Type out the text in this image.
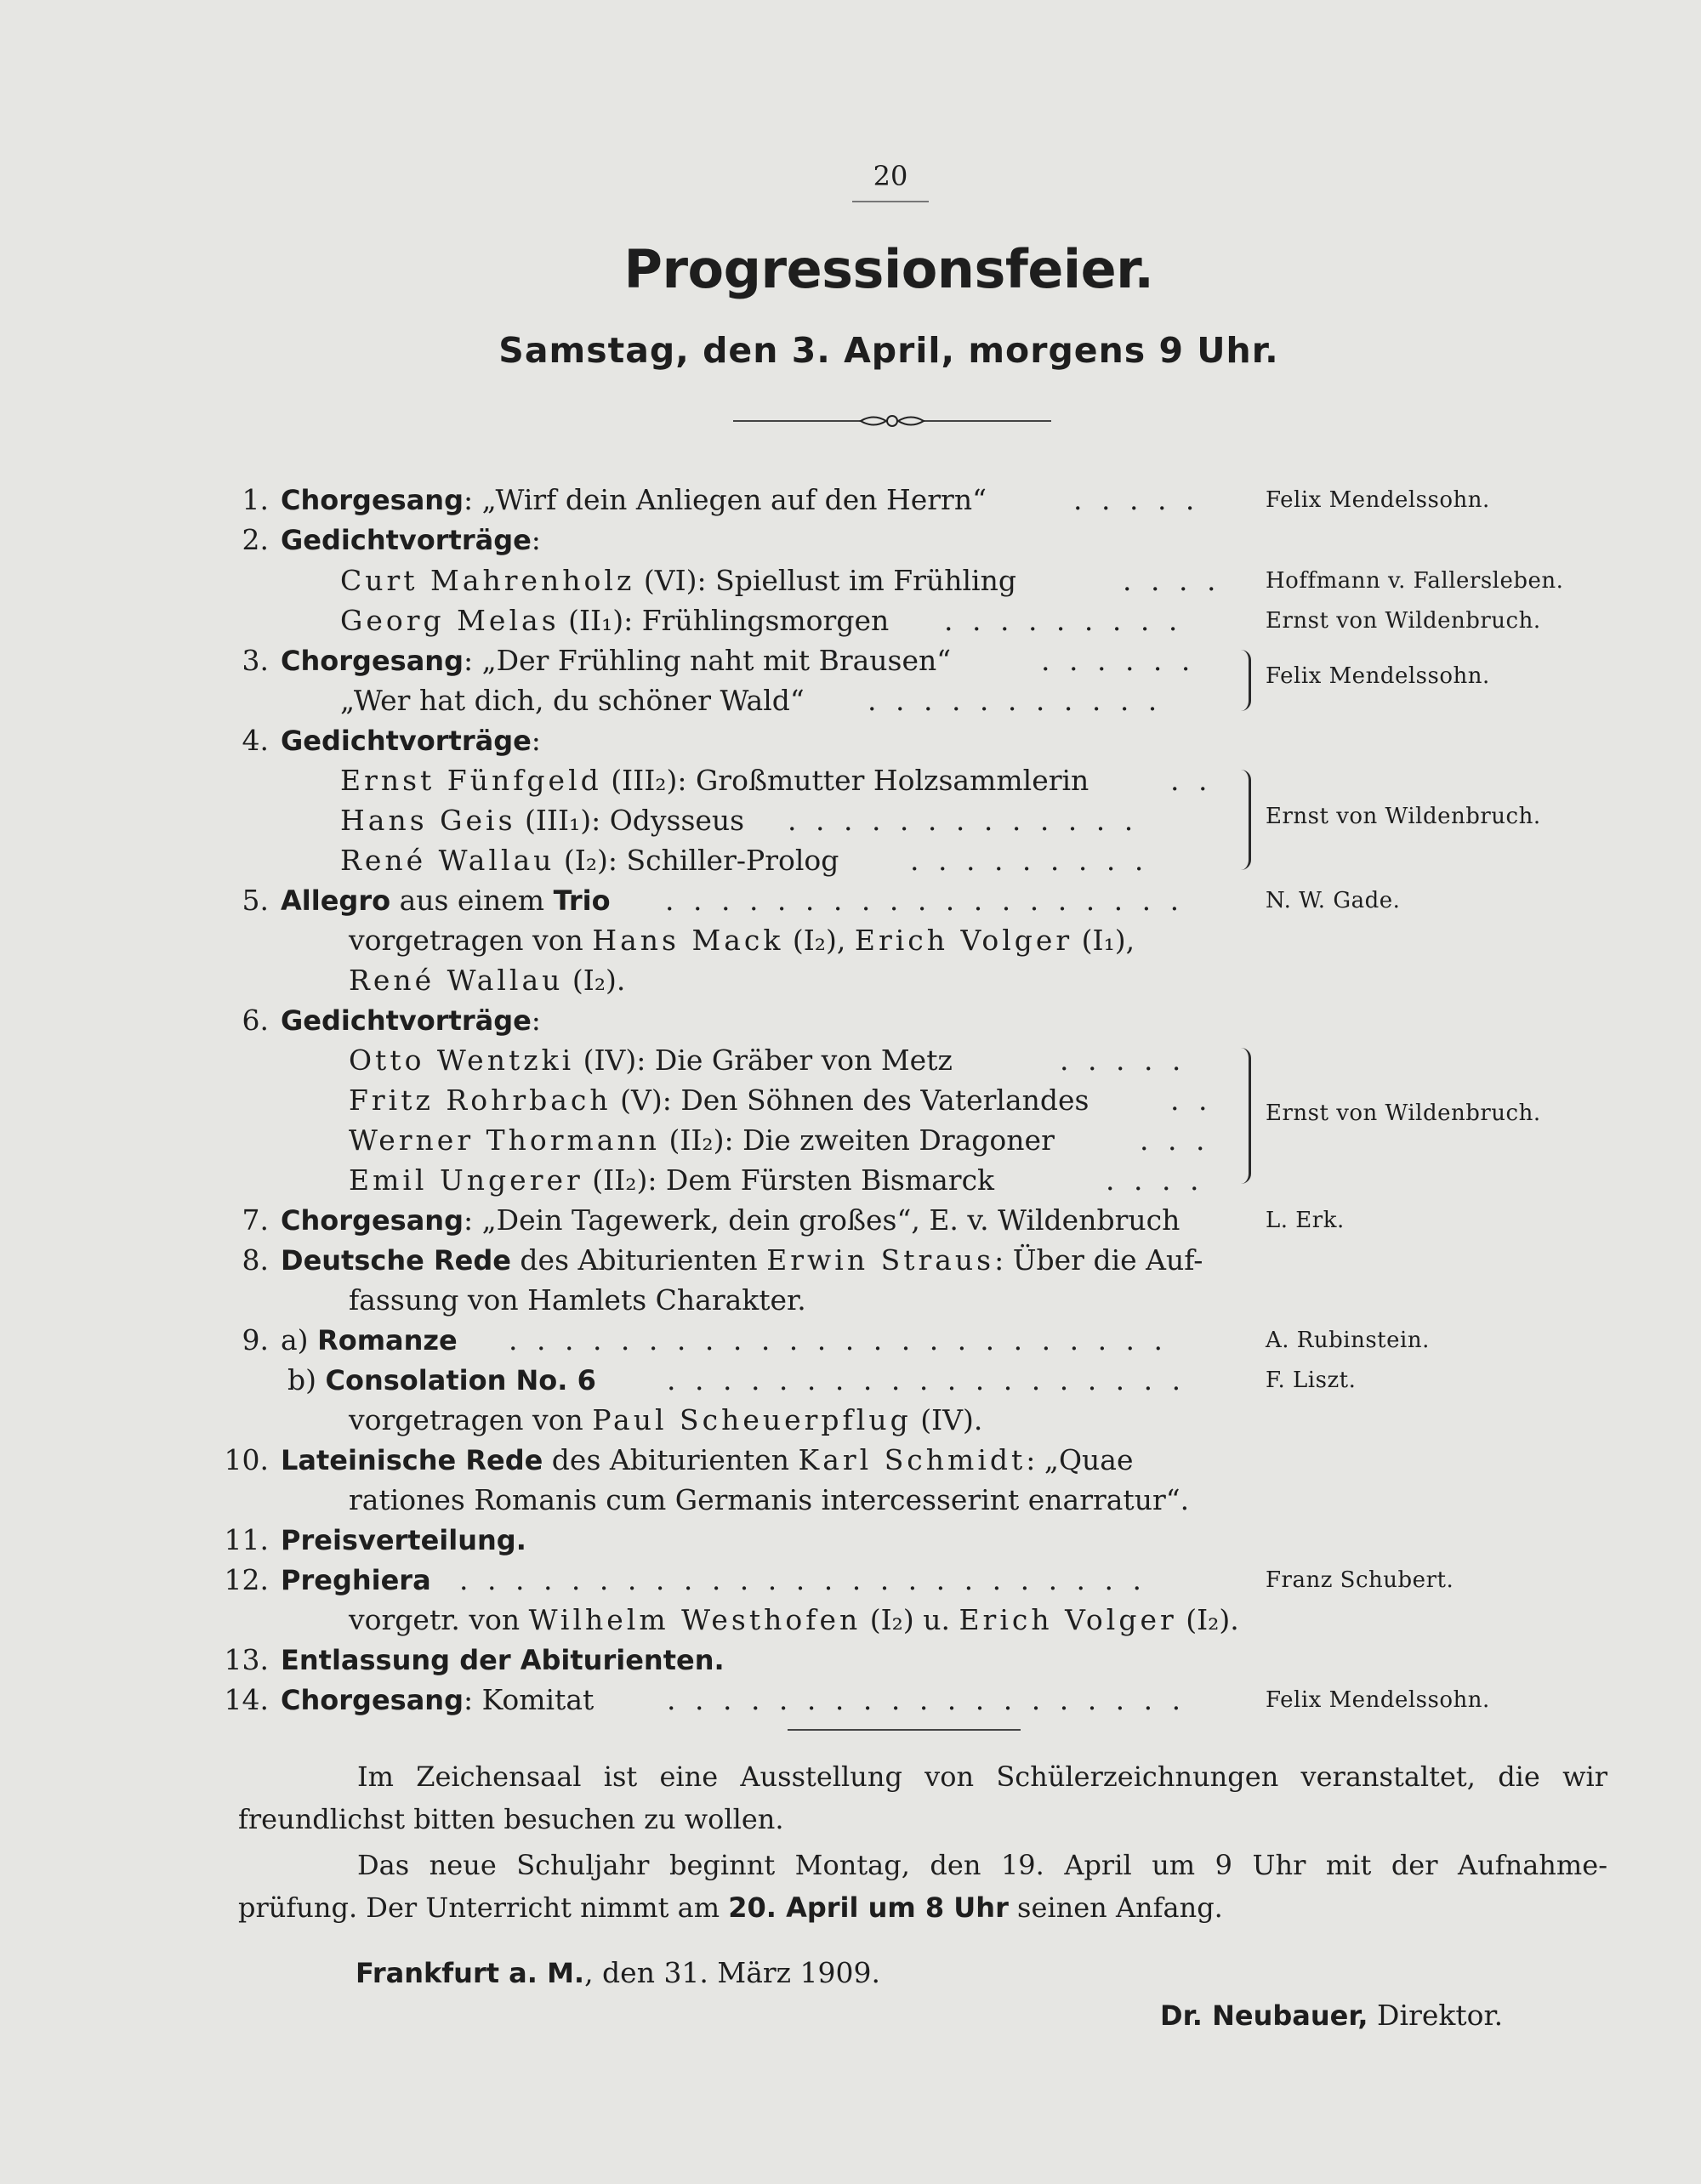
20
Progressionsfeier.
Samstag, den 3. April, morgens 9 Uhr.
1. Chorgesang: „Wirf dein Anliegen auf den Herrn“	. . . . .	Felix Mendelssohn.
2. Gedichtvorträge:
Curt Mahrenholz (VI): Spiellust im Frühling	. . . . Hoffmann v. Fallersleben.
Georg Melas (II₁): Frühlingsmorgen . . . . . . . . .	Ernst von Wildenbruch.
3. Chorgesang: „Der Frühling naht mit Brausen“	. . . . . .
„Wer hat dich, du schöner Wald“ . . . . . . . . . . .
Felix Mendelssohn.
4. Gedichtvorträge:
Ernst Fünfgeld (III₂): Großmutter Holzsammlerin	. .
Hans Geis (III₁): Odysseus . . . . . . . . . . . . .
René Wallau (I₂): Schiller-Prolog	. . . . . . . . .
Ernst von Wildenbruch.
5. Allegro aus einem Trio . . . . . . . . . . . . . . . . . . .	N. W. Gade.
vorgetragen von Hans Mack (I₂), Erich Volger (I₁),
René Wallau (I₂).
6. Gedichtvorträge:
Otto Wentzki (IV): Die Gräber von Metz	. . . . .
Fritz Rohrbach (V): Den Söhnen des Vaterlandes	. .
Werner Thormann (II₂): Die zweiten Dragoner	. . .
Emil Ungerer (II₂): Dem Fürsten Bismarck	. . . .
Ernst von Wildenbruch.
7. Chorgesang: „Dein Tagewerk, dein großes“, E. v. Wildenbruch	L. Erk.
8. Deutsche Rede des Abiturienten Erwin Straus: Über die Auf-
fassung von Hamlets Charakter.
9. a) Romanze . . . . . . . . . . . . . . . . . . . . . . . .	A. Rubinstein.
b) Consolation No. 6	. . . . . . . . . . . . . . . . . . .	F. Liszt.
vorgetragen von Paul Scheuerpflug (IV).
10. Lateinische Rede des Abiturienten Karl Schmidt: „Quae
rationes Romanis cum Germanis intercesserint enarratur“.
11. Preisverteilung.
12. Preghiera . . . . . . . . . . . . . . . . . . . . . . . . .	Franz Schubert.
vorgetr. von Wilhelm Westhofen (I₂) u. Erich Volger (I₂).
13. Entlassung der Abiturienten.
14. Chorgesang: Komitat	. . . . . . . . . . . . . . . . . . .	Felix Mendelssohn.
Im Zeichensaal ist eine Ausstellung von Schülerzeichnungen veranstaltet, die wir
freundlichst bitten besuchen zu wollen.
Das neue Schuljahr beginnt Montag, den 19. April um 9 Uhr mit der Aufnahme-
prüfung. Der Unterricht nimmt am 20. April um 8 Uhr seinen Anfang.
Frankfurt a. M., den 31. März 1909.
Dr. Neubauer, Direktor.
